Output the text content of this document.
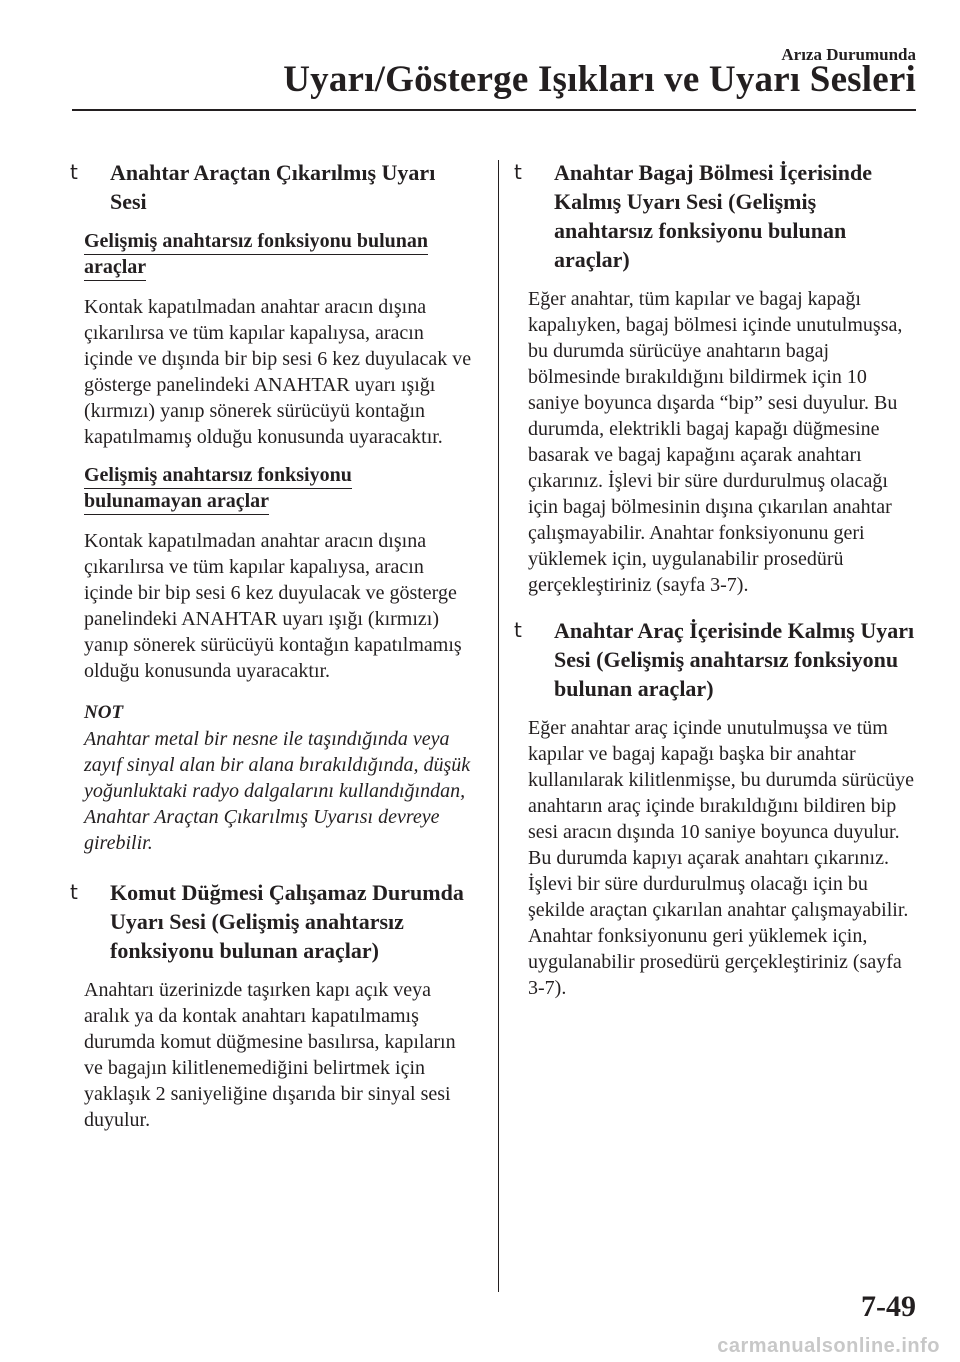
Arıza Durumunda
Uyarı/Gösterge Işıkları ve Uyarı Sesleri
t Anahtar Araçtan Çıkarılmış Uyarı
Sesi
Gelişmiş anahtarsız fonksiyonu bulunan
araçlar

Kontak kapatılmadan anahtar aracın dışına çıkarılırsa ve tüm kapılar kapalıysa, aracın içinde ve dışında bir bip sesi 6 kez duyulacak ve gösterge panelindeki ANAHTAR uyarı ışığı (kırmızı) yanıp sönerek sürücüyü kontağın kapatılmamış olduğu konusunda uyaracaktır.

Gelişmiş anahtarsız fonksiyonu
bulunamayan araçlar

Kontak kapatılmadan anahtar aracın dışına çıkarılırsa ve tüm kapılar kapalıysa, aracın içinde bir bip sesi 6 kez duyulacak ve gösterge panelindeki ANAHTAR uyarı ışığı (kırmızı) yanıp sönerek sürücüyü kontağın kapatılmamış olduğu konusunda uyaracaktır.

NOT

Anahtar metal bir nesne ile taşındığında veya zayıf sinyal alan bir alana bırakıldığında, düşük yoğunluktaki radyo dalgalarını kullandığından, Anahtar Araçtan Çıkarılmış Uyarısı devreye girebilir.

t Komut Düğmesi Çalışamaz Durumda Uyarı Sesi (Gelişmiş anahtarsız fonksiyonu bulunan araçlar)

Anahtarı üzerinizde taşırken kapı açık veya aralık ya da kontak anahtarı kapatılmamış durumda komut düğmesine basılırsa, kapıların ve bagajın kilitlenemediğini belirtmek için yaklaşık 2 saniyeliğine dışarıda bir sinyal sesi duyulur.

t Anahtar Bagaj Bölmesi İçerisinde Kalmış Uyarı Sesi (Gelişmiş anahtarsız fonksiyonu bulunan araçlar)

Eğer anahtar, tüm kapılar ve bagaj kapağı kapalıyken, bagaj bölmesi içinde unutulmuşsa, bu durumda sürücüye anahtarın bagaj bölmesinde bırakıldığını bildirmek için 10 saniye boyunca dışarda “bip” sesi duyulur. Bu durumda, elektrikli bagaj kapağı düğmesine basarak ve bagaj kapağını açarak anahtarı çıkarınız. İşlevi bir süre durdurulmuş olacağı için bagaj bölmesinin dışına çıkarılan anahtar çalışmayabilir. Anahtar fonksiyonunu geri yüklemek için, uygulanabilir prosedürü gerçekleştiriniz (sayfa 3-7).

t Anahtar Araç İçerisinde Kalmış Uyarı Sesi (Gelişmiş anahtarsız fonksiyonu bulunan araçlar)

Eğer anahtar araç içinde unutulmuşsa ve tüm kapılar ve bagaj kapağı başka bir anahtar kullanılarak kilitlenmişse, bu durumda sürücüye anahtarın araç içinde bırakıldığını bildiren bip sesi aracın dışında 10 saniye boyunca duyulur. Bu durumda kapıyı açarak anahtarı çıkarınız. İşlevi bir süre durdurulmuş olacağı için bu şekilde araçtan çıkarılan anahtar çalışmayabilir. Anahtar fonksiyonunu geri yüklemek için, uygulanabilir prosedürü gerçekleştiriniz (sayfa 3-7).

7-49
carmanualsonline.info
